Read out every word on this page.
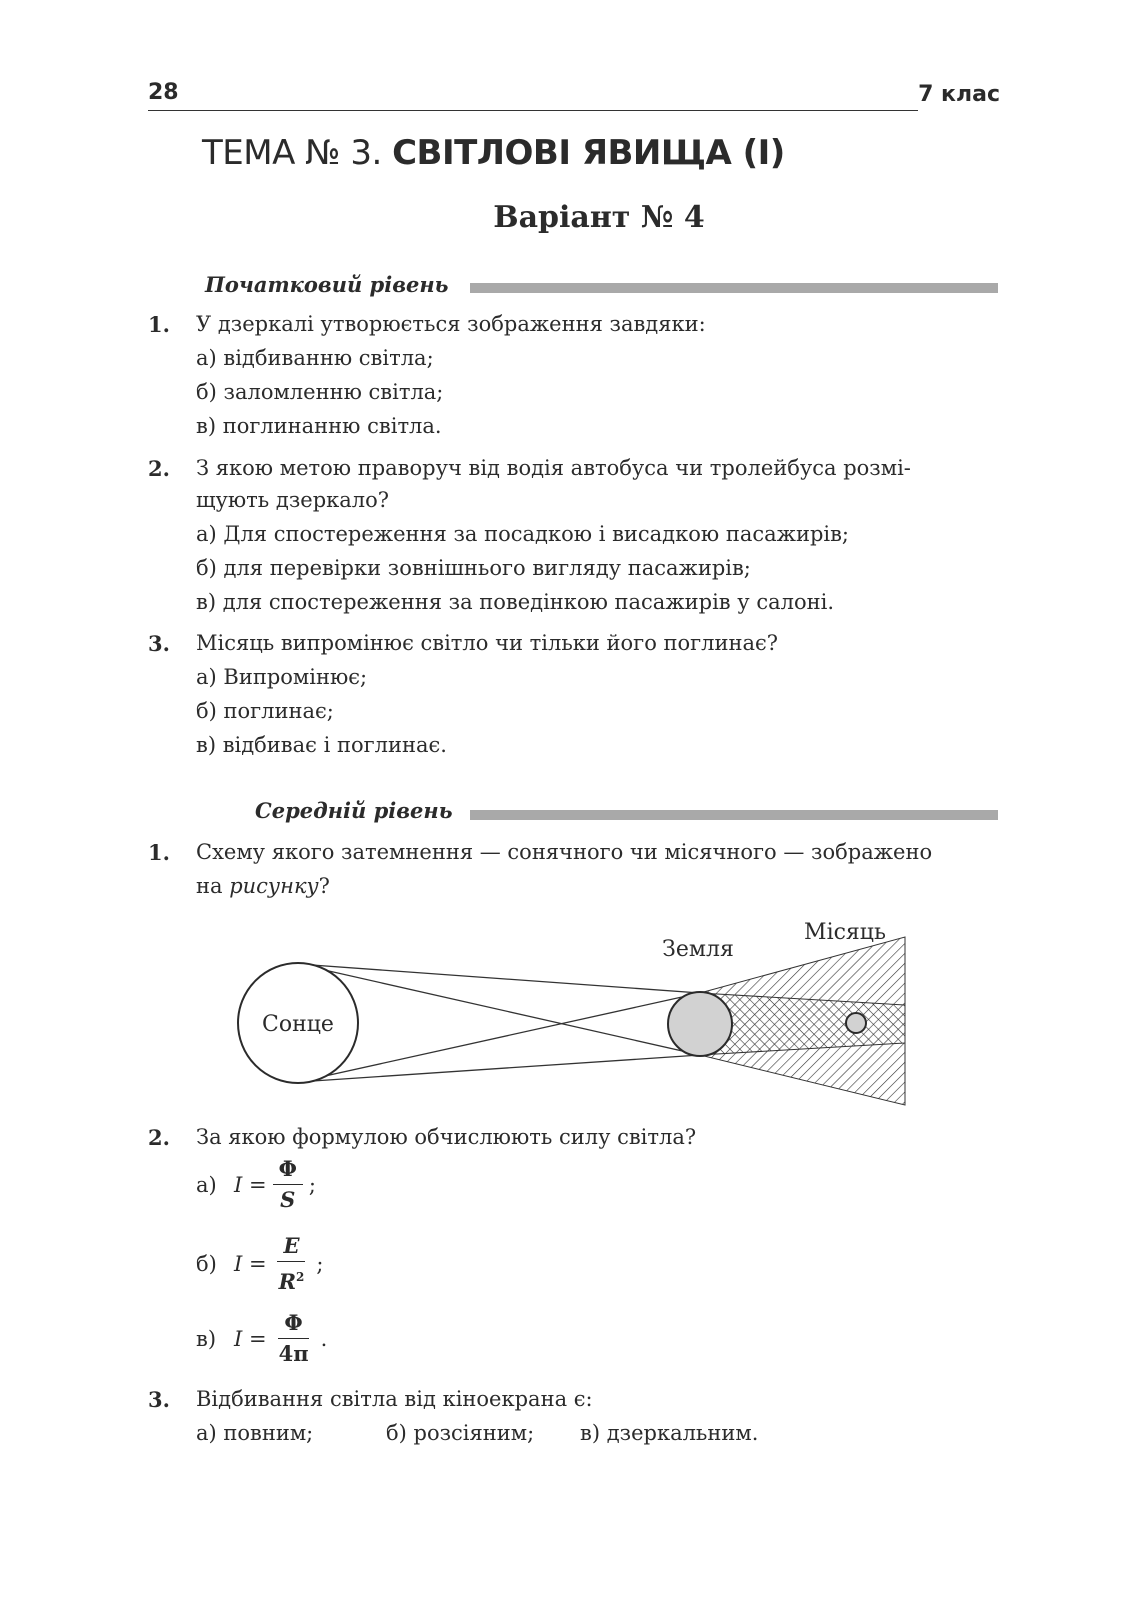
28	7 клас
ТЕМА № 3. СВІТЛОВІ ЯВИЩА (I)
Варіант № 4
Початковий рівень
1. У дзеркалі утворюється зображення завдяки:
а) відбиванню світла;
б) заломленню світла;
в) поглинанню світла.
2. З якою метою праворуч від водія автобуса чи тролейбуса розмі-
щують дзеркало?
а) Для спостереження за посадкою і висадкою пасажирів;
б) для перевірки зовнішнього вигляду пасажирів;
в) для спостереження за поведінкою пасажирів у салоні.
3. Місяць випромінює світло чи тільки його поглинає?
а) Випромінює;
б) поглинає;
в) відбиває і поглинає.
Середній рівень
1. Схему якого затемнення — сонячного чи місячного — зображено
на рисунку?
Сонце
Земля
Місяць
2. За якою формулою обчислюють силу світла?
а) $I = \frac{\Phi}{S}$ ;
б) $I = \frac{E}{R^2}$ ;
в) $I = \frac{\Phi}{4\pi}$ .
3. Відбивання світла від кіноекрана є:
а) повним;	б) розсіяним; в) дзеркальним.
